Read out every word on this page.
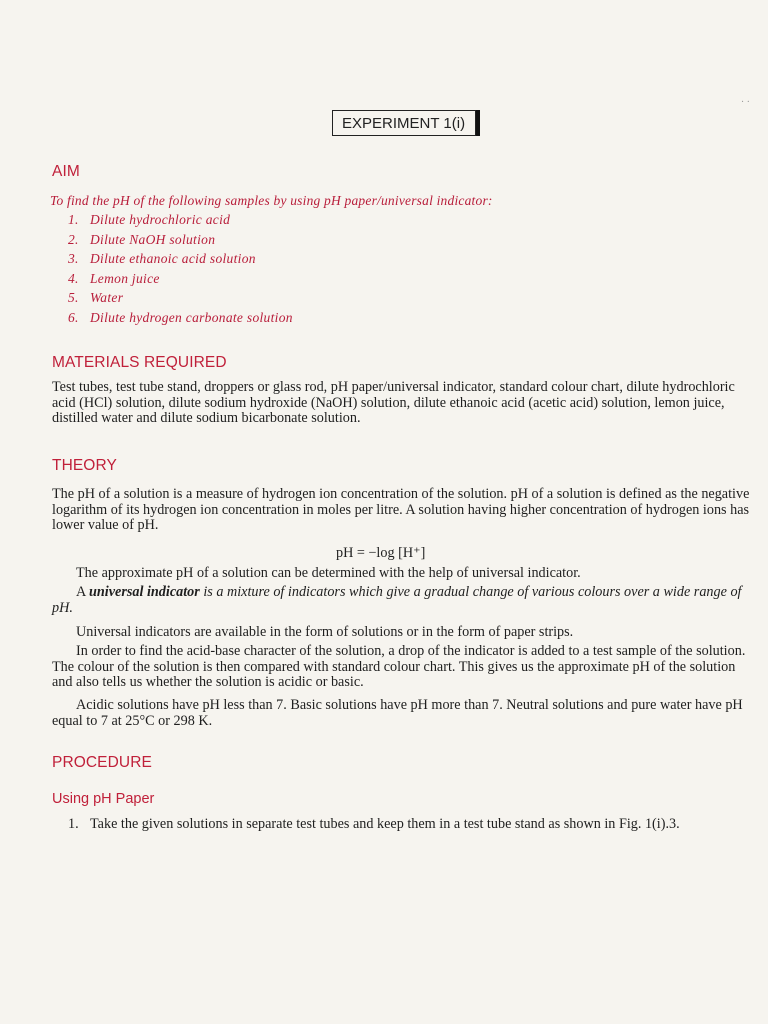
· ·
EXPERIMENT 1(i)
AIM
To find the pH of the following samples by using pH paper/universal indicator:
1. Dilute hydrochloric acid
2. Dilute NaOH solution
3. Dilute ethanoic acid solution
4. Lemon juice
5. Water
6. Dilute hydrogen carbonate solution
MATERIALS REQUIRED
Test tubes, test tube stand, droppers or glass rod, pH paper/universal indicator, standard colour chart, dilute hydrochloric acid (HCl) solution, dilute sodium hydroxide (NaOH) solution, dilute ethanoic acid (acetic acid) solution, lemon juice, distilled water and dilute sodium bicarbonate solution.
THEORY
The pH of a solution is a measure of hydrogen ion concentration of the solution. pH of a solution is defined as the negative logarithm of its hydrogen ion concentration in moles per litre. A solution having higher concentration of hydrogen ions has lower value of pH.
pH = −log [H⁺]
The approximate pH of a solution can be determined with the help of universal indicator.
A universal indicator is a mixture of indicators which give a gradual change of various colours over a wide range of pH.
Universal indicators are available in the form of solutions or in the form of paper strips.
In order to find the acid-base character of the solution, a drop of the indicator is added to a test sample of the solution. The colour of the solution is then compared with standard colour chart. This gives us the approximate pH of the solution and also tells us whether the solution is acidic or basic.
Acidic solutions have pH less than 7. Basic solutions have pH more than 7. Neutral solutions and pure water have pH equal to 7 at 25°C or 298 K.
PROCEDURE
Using pH Paper
1. Take the given solutions in separate test tubes and keep them in a test tube stand as shown in Fig. 1(i).3.
